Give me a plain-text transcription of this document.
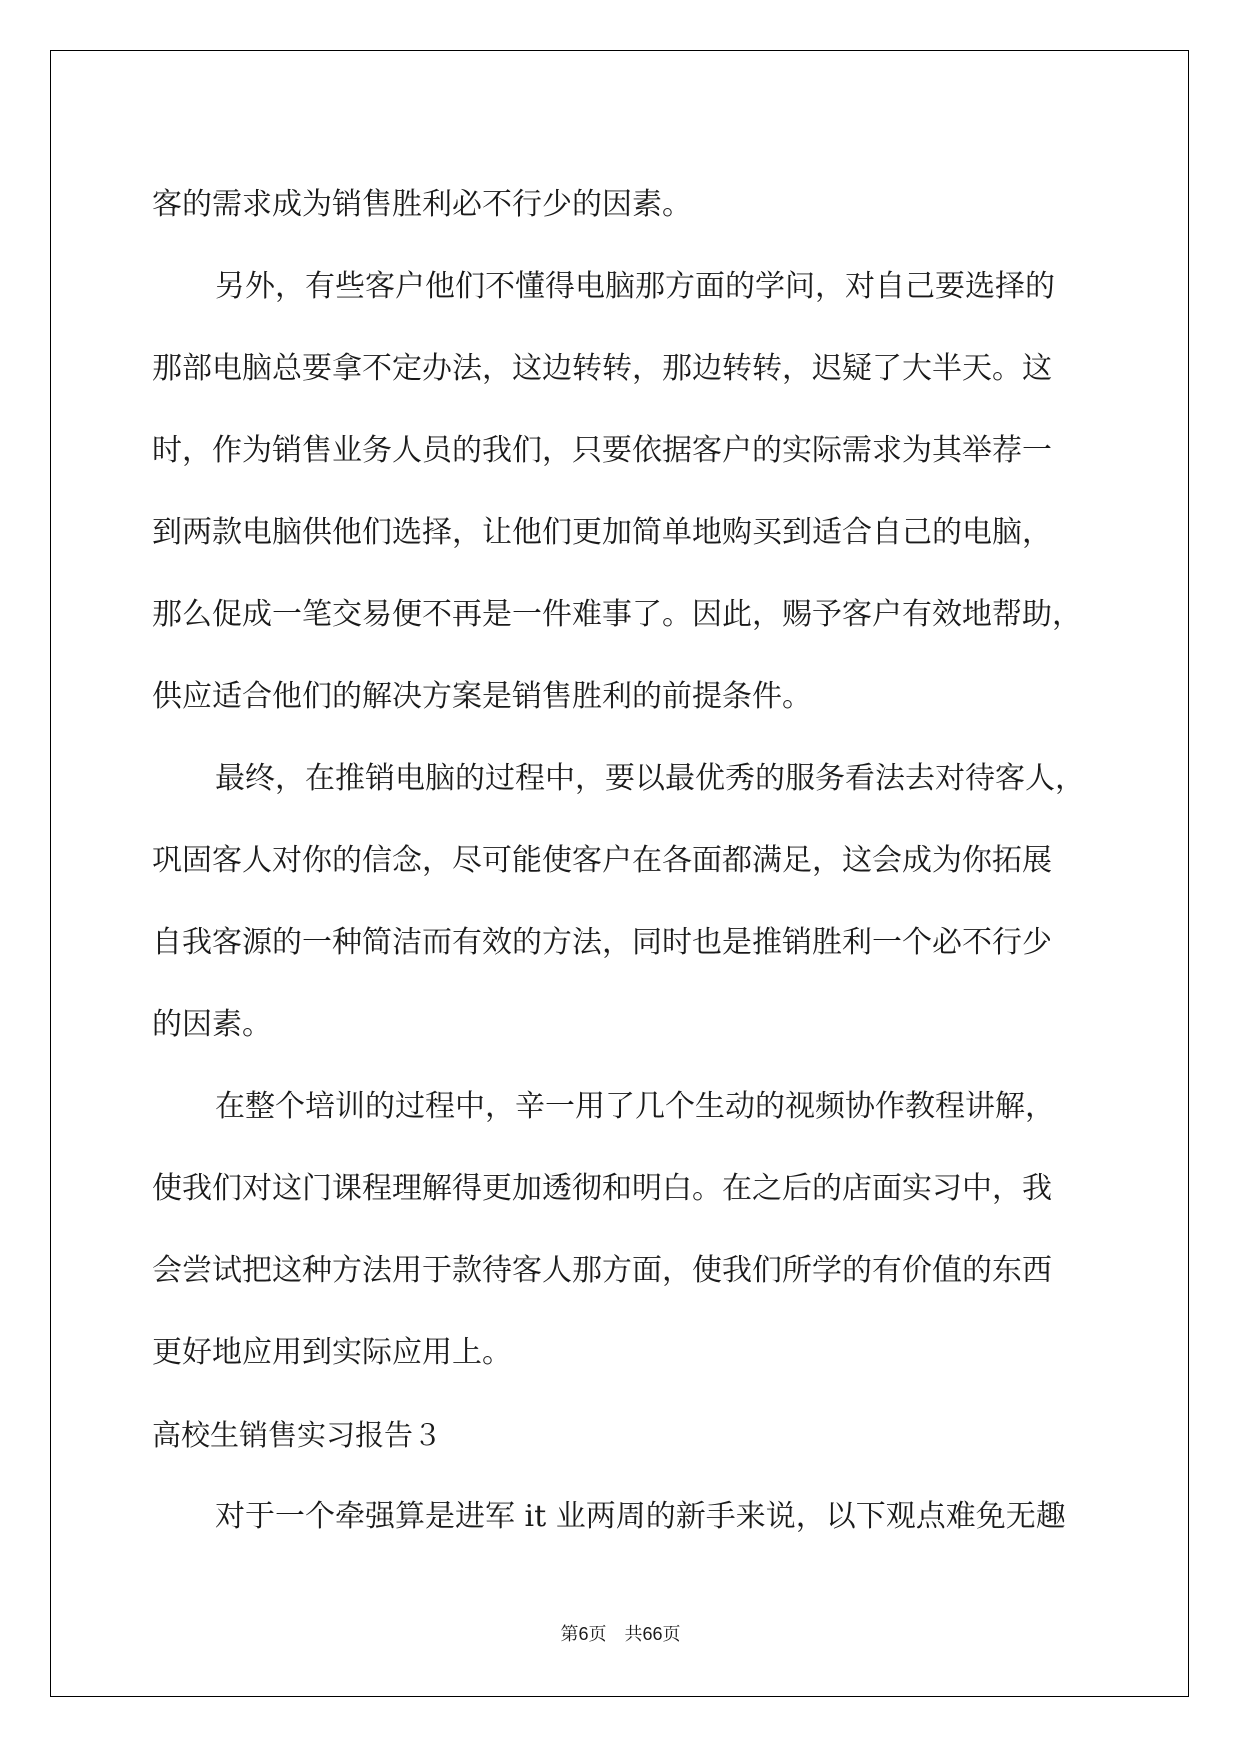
客的需求成为销售胜利必不行少的因素。
另外，有些客户他们不懂得电脑那方面的学问，对自己要选择的
那部电脑总要拿不定办法，这边转转，那边转转，迟疑了大半天。这
时，作为销售业务人员的我们，只要依据客户的实际需求为其举荐一
到两款电脑供他们选择，让他们更加简单地购买到适合自己的电脑，
那么促成一笔交易便不再是一件难事了。因此，赐予客户有效地帮助，
供应适合他们的解决方案是销售胜利的前提条件。
最终，在推销电脑的过程中，要以最优秀的服务看法去对待客人，
巩固客人对你的信念，尽可能使客户在各面都满足，这会成为你拓展
自我客源的一种简洁而有效的方法，同时也是推销胜利一个必不行少
的因素。
在整个培训的过程中，辛一用了几个生动的视频协作教程讲解，
使我们对这门课程理解得更加透彻和明白。在之后的店面实习中，我
会尝试把这种方法用于款待客人那方面，使我们所学的有价值的东西
更好地应用到实际应用上。
高校生销售实习报告３
对于一个牵强算是进军 it 业两周的新手来说，以下观点难免无趣
第6页　共66页
